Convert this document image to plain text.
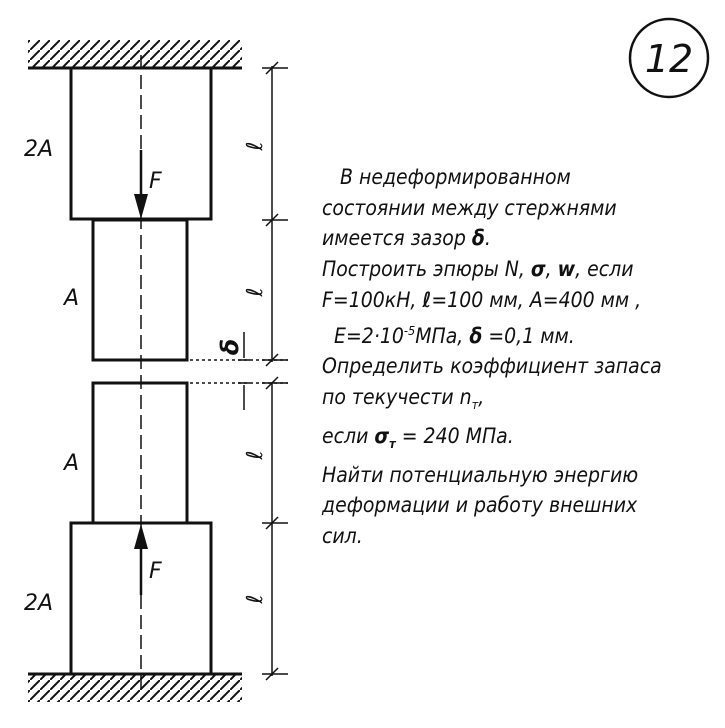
δ
ℓ
ℓ
ℓ
ℓ
2A
A
A
2A
F
F
12
В недеформированном
состоянии между стержнями
имеется зазор δ.
Построить эпюры N, σ, w, если
F=100кН, ℓ=100 мм, A=400 мм ,
$E=2\cdot 10^{-5}МПа$, δ =0,1 мм.
Определить коэффициент запаса
по текучести $n_т$,
если $\sigma_т = 240$ МПа.
Найти потенциальную энергию
деформации и работу внешних
сил.
